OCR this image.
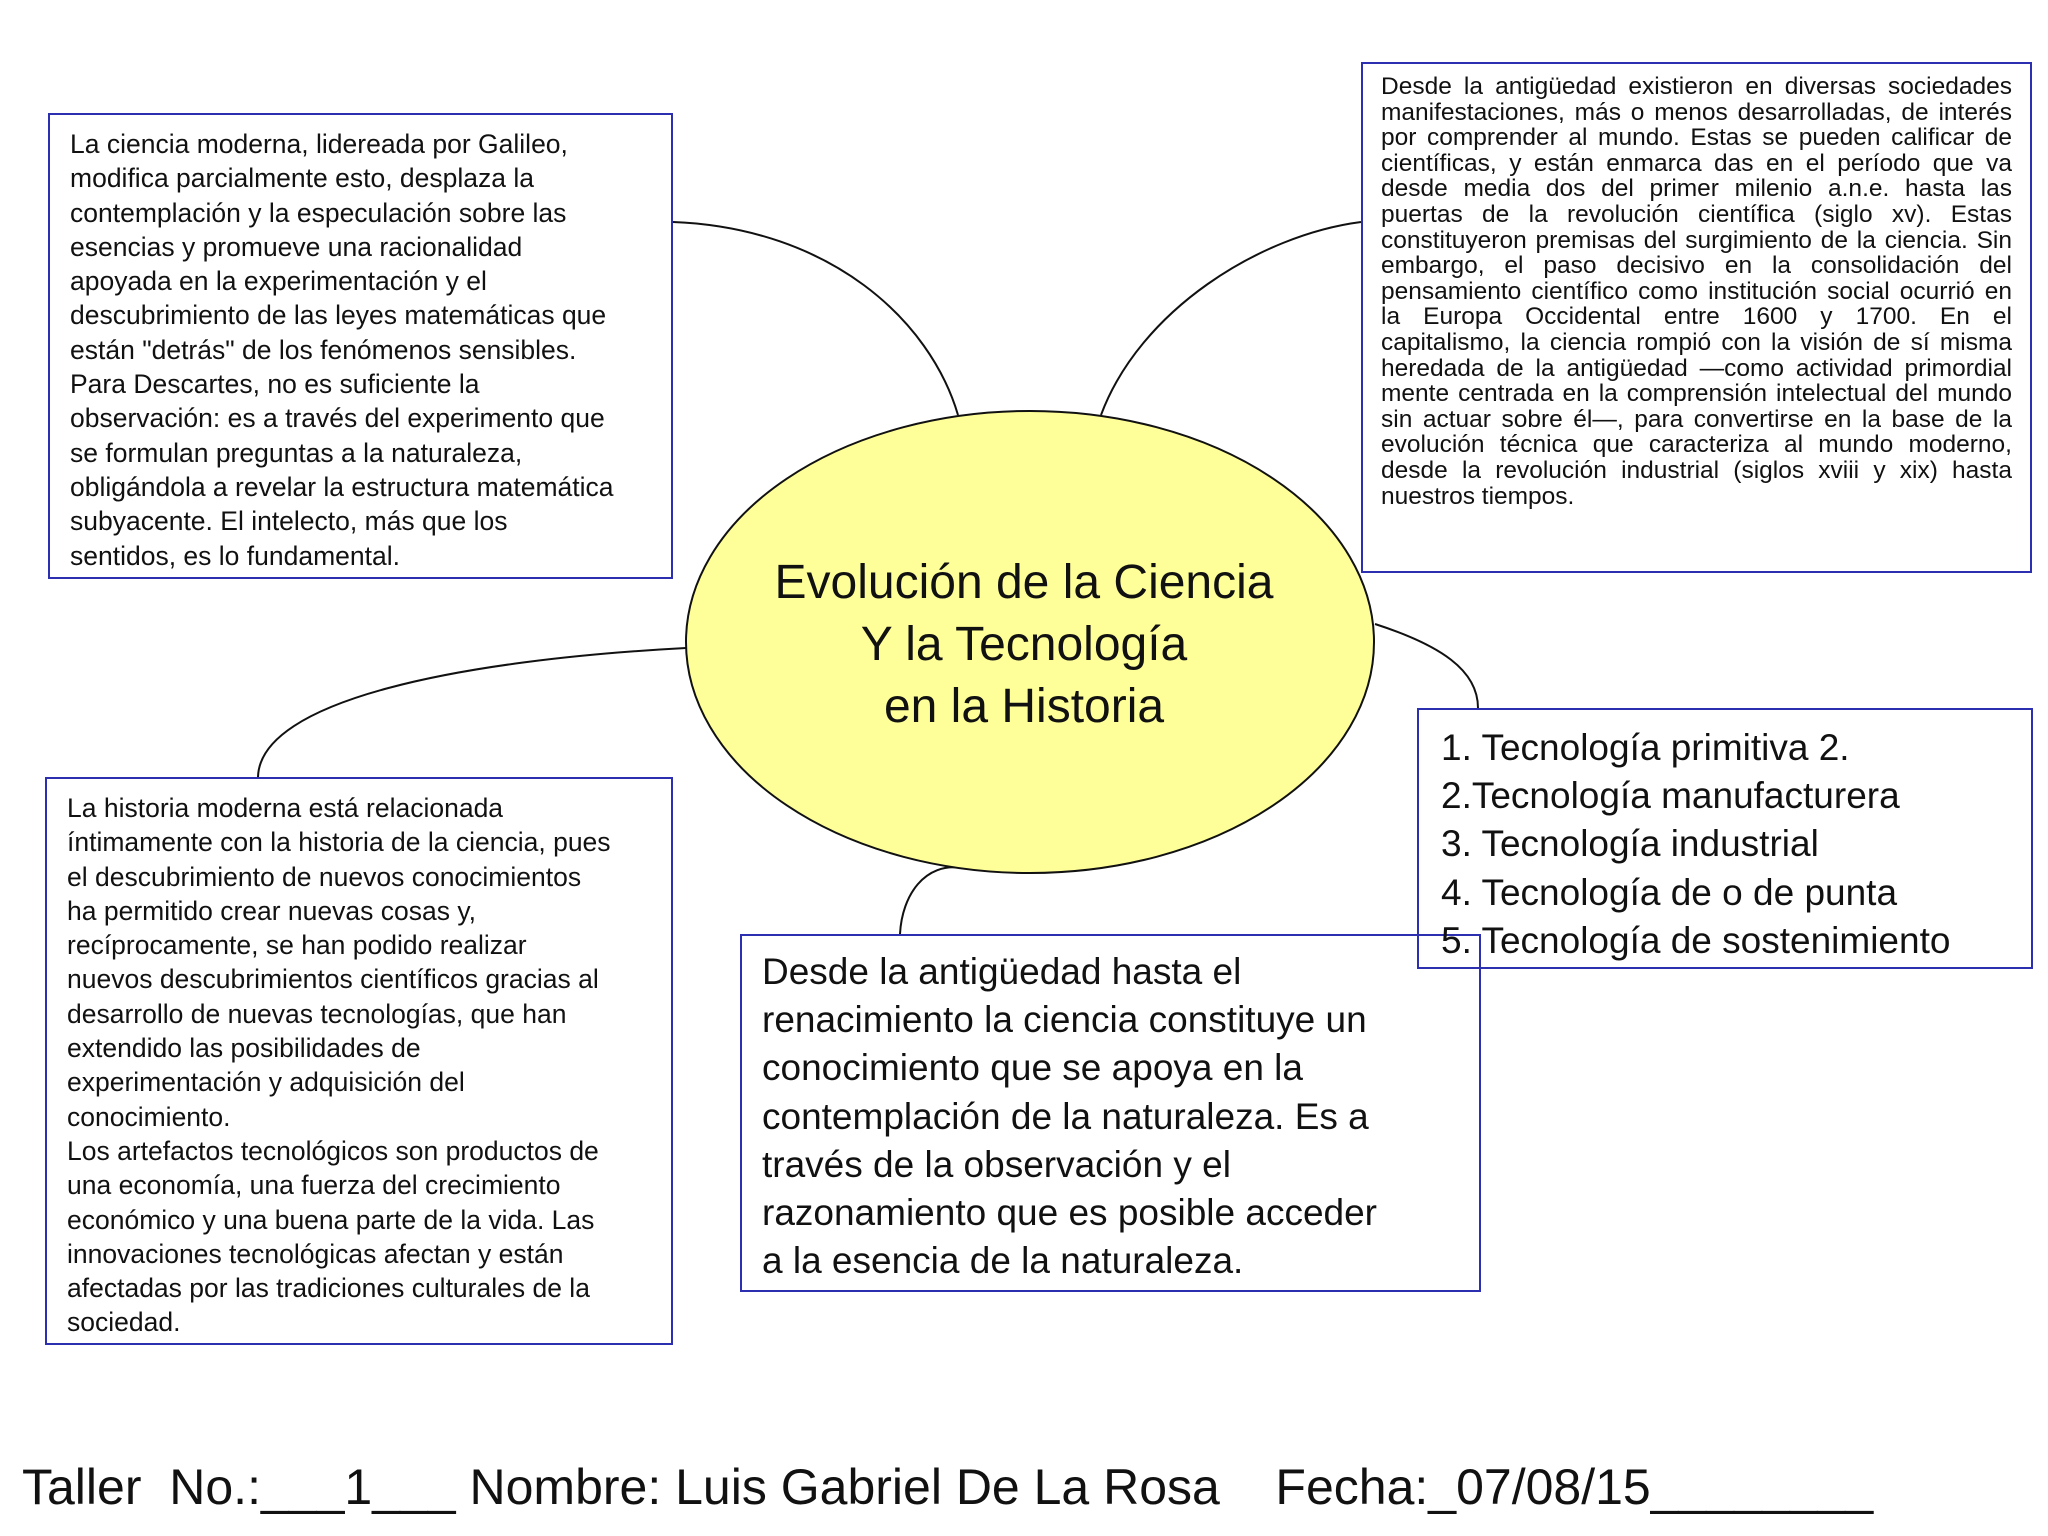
Evolución de la Ciencia
Y la Tecnología
en la Historia

La ciencia moderna, lidereada por Galileo,
modifica parcialmente esto, desplaza la
contemplación y la especulación sobre las
esencias y promueve una racionalidad
apoyada en la experimentación y el
descubrimiento de las leyes matemáticas que
están "detrás" de los fenómenos sensibles.
Para Descartes, no es suficiente la
observación: es a través del experimento que
se formulan preguntas a la naturaleza,
obligándola a revelar la estructura matemática
subyacente. El intelecto, más que los
sentidos, es lo fundamental.

Desde la antigüedad existieron en diversas sociedades manifestaciones, más o menos desarrolladas, de interés por comprender al mundo. Estas se pueden calificar de científicas, y están enmarca das en el período que va desde media dos del primer milenio a.n.e. hasta las puertas de la revolución científica (siglo xv). Estas constituyeron premisas del surgimiento de la ciencia. Sin embargo, el paso decisivo en la consolidación del pensamiento científico como institución social ocurrió en la Europa Occidental entre 1600 y 1700. En el capitalismo, la ciencia rompió con la visión de sí misma heredada de la antigüedad —como actividad primordial mente centrada en la comprensión intelectual del mundo sin actuar sobre él—, para convertirse en la base de la evolución técnica que caracteriza al mundo moderno, desde la revolución industrial (siglos xviii y xix) hasta nuestros tiempos.

La historia moderna está relacionada
íntimamente con la historia de la ciencia, pues
el descubrimiento de nuevos conocimientos
ha permitido crear nuevas cosas y,
recíprocamente, se han podido realizar
nuevos descubrimientos científicos gracias al
desarrollo de nuevas tecnologías, que han
extendido las posibilidades de
experimentación y adquisición del
conocimiento.
Los artefactos tecnológicos son productos de
una economía, una fuerza del crecimiento
económico y una buena parte de la vida. Las
innovaciones tecnológicas afectan y están
afectadas por las tradiciones culturales de la
sociedad.

Desde la antigüedad hasta el
renacimiento la ciencia constituye un
conocimiento que se apoya en la
contemplación de la naturaleza. Es a
través de la observación y el
razonamiento que es posible acceder
a la esencia de la naturaleza.

1. Tecnología primitiva 2.
2.Tecnología manufacturera
3. Tecnología industrial
4. Tecnología de o de punta
5. Tecnología de sostenimiento
Taller  No.:___1___ Nombre: Luis Gabriel De La Rosa    Fecha:_07/08/15________
